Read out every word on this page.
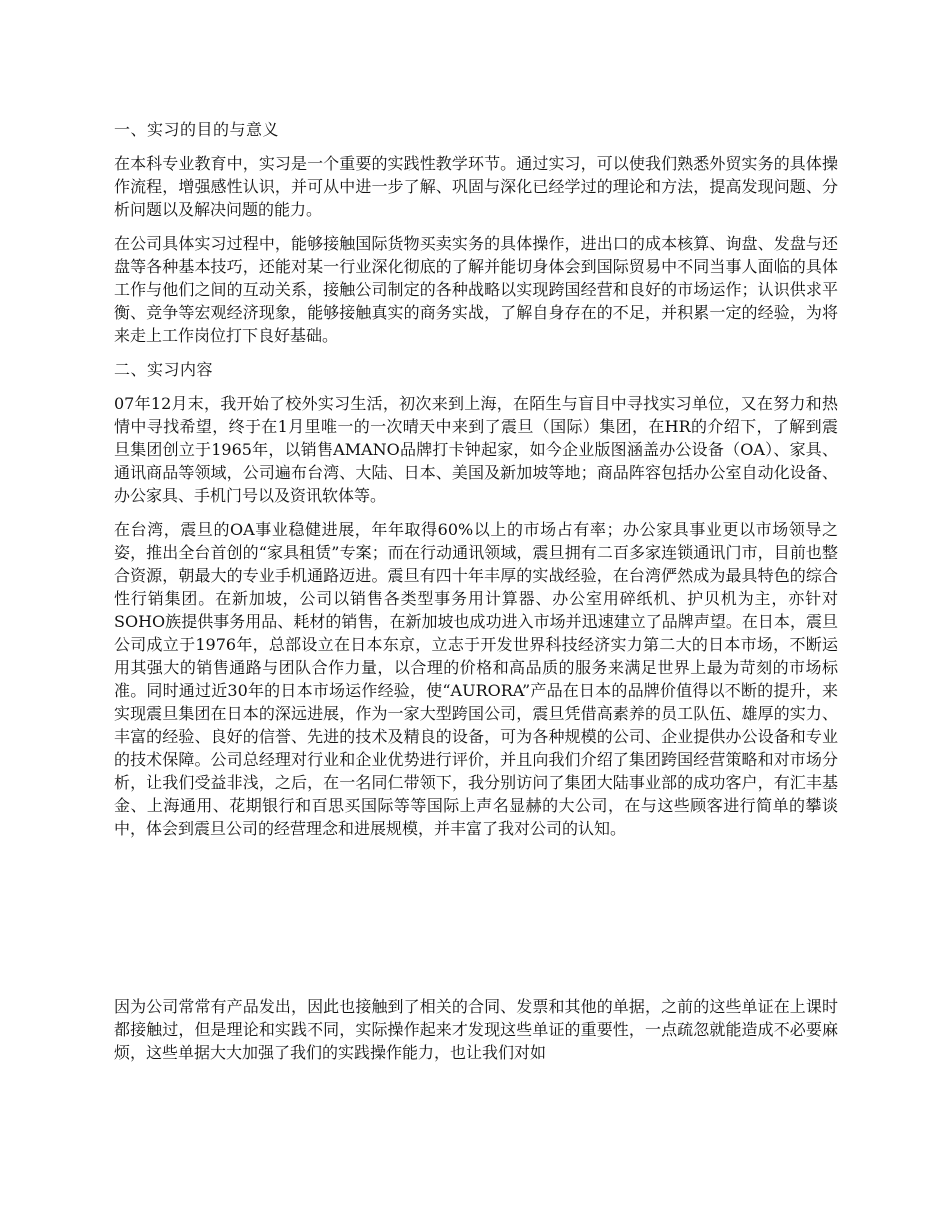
一、实习的目的与意义

在本科专业教育中，实习是一个重要的实践性教学环节。通过实习，可以使我们熟悉外贸实务的具体操作流程，增强感性认识，并可从中进一步了解、巩固与深化已经学过的理论和方法，提高发现问题、分析问题以及解决问题的能力。

在公司具体实习过程中，能够接触国际货物买卖实务的具体操作，进出口的成本核算、询盘、发盘与还盘等各种基本技巧，还能对某一行业深化彻底的了解并能切身体会到国际贸易中不同当事人面临的具体工作与他们之间的互动关系，接触公司制定的各种战略以实现跨国经营和良好的市场运作；认识供求平衡、竞争等宏观经济现象，能够接触真实的商务实战，了解自身存在的不足，并积累一定的经验，为将来走上工作岗位打下良好基础。

二、实习内容

07年12月末，我开始了校外实习生活，初次来到上海，在陌生与盲目中寻找实习单位，又在努力和热情中寻找希望，终于在1月里唯一的一次晴天中来到了震旦（国际）集团，在HR的介绍下，了解到震旦集团创立于1965年，以销售AMANO品牌打卡钟起家，如今企业版图涵盖办公设备（OA）、家具、通讯商品等领域，公司遍布台湾、大陆、日本、美国及新加坡等地；商品阵容包括办公室自动化设备、办公家具、手机门号以及资讯软体等。

在台湾，震旦的OA事业稳健进展，年年取得60%以上的市场占有率；办公家具事业更以市场领导之姿，推出全台首创的“家具租赁”专案；而在行动通讯领域，震旦拥有二百多家连锁通讯门市，目前也整合资源，朝最大的专业手机通路迈进。震旦有四十年丰厚的实战经验，在台湾俨然成为最具特色的综合性行销集团。在新加坡，公司以销售各类型事务用计算器、办公室用碎纸机、护贝机为主，亦针对SOHO族提供事务用品、耗材的销售，在新加坡也成功进入市场并迅速建立了品牌声望。在日本，震旦公司成立于1976年，总部设立在日本东京，立志于开发世界科技经济实力第二大的日本市场，不断运用其强大的销售通路与团队合作力量，以合理的价格和高品质的服务来满足世界上最为苛刻的市场标准。同时通过近30年的日本市场运作经验，使“AURORA”产品在日本的品牌价值得以不断的提升，来实现震旦集团在日本的深远进展，作为一家大型跨国公司，震旦凭借高素养的员工队伍、雄厚的实力、丰富的经验、良好的信誉、先进的技术及精良的设备，可为各种规模的公司、企业提供办公设备和专业的技术保障。公司总经理对行业和企业优势进行评价，并且向我们介绍了集团跨国经营策略和对市场分析，让我们受益非浅，之后，在一名同仁带领下，我分别访问了集团大陆事业部的成功客户，有汇丰基金、上海通用、花期银行和百思买国际等等国际上声名显赫的大公司，在与这些顾客进行简单的攀谈中，体会到震旦公司的经营理念和进展规模，并丰富了我对公司的认知。

因为公司常常有产品发出，因此也接触到了相关的合同、发票和其他的单据，之前的这些单证在上课时都接触过，但是理论和实践不同，实际操作起来才发现这些单证的重要性，一点疏忽就能造成不必要麻烦，这些单据大大加强了我们的实践操作能力，也让我们对如
